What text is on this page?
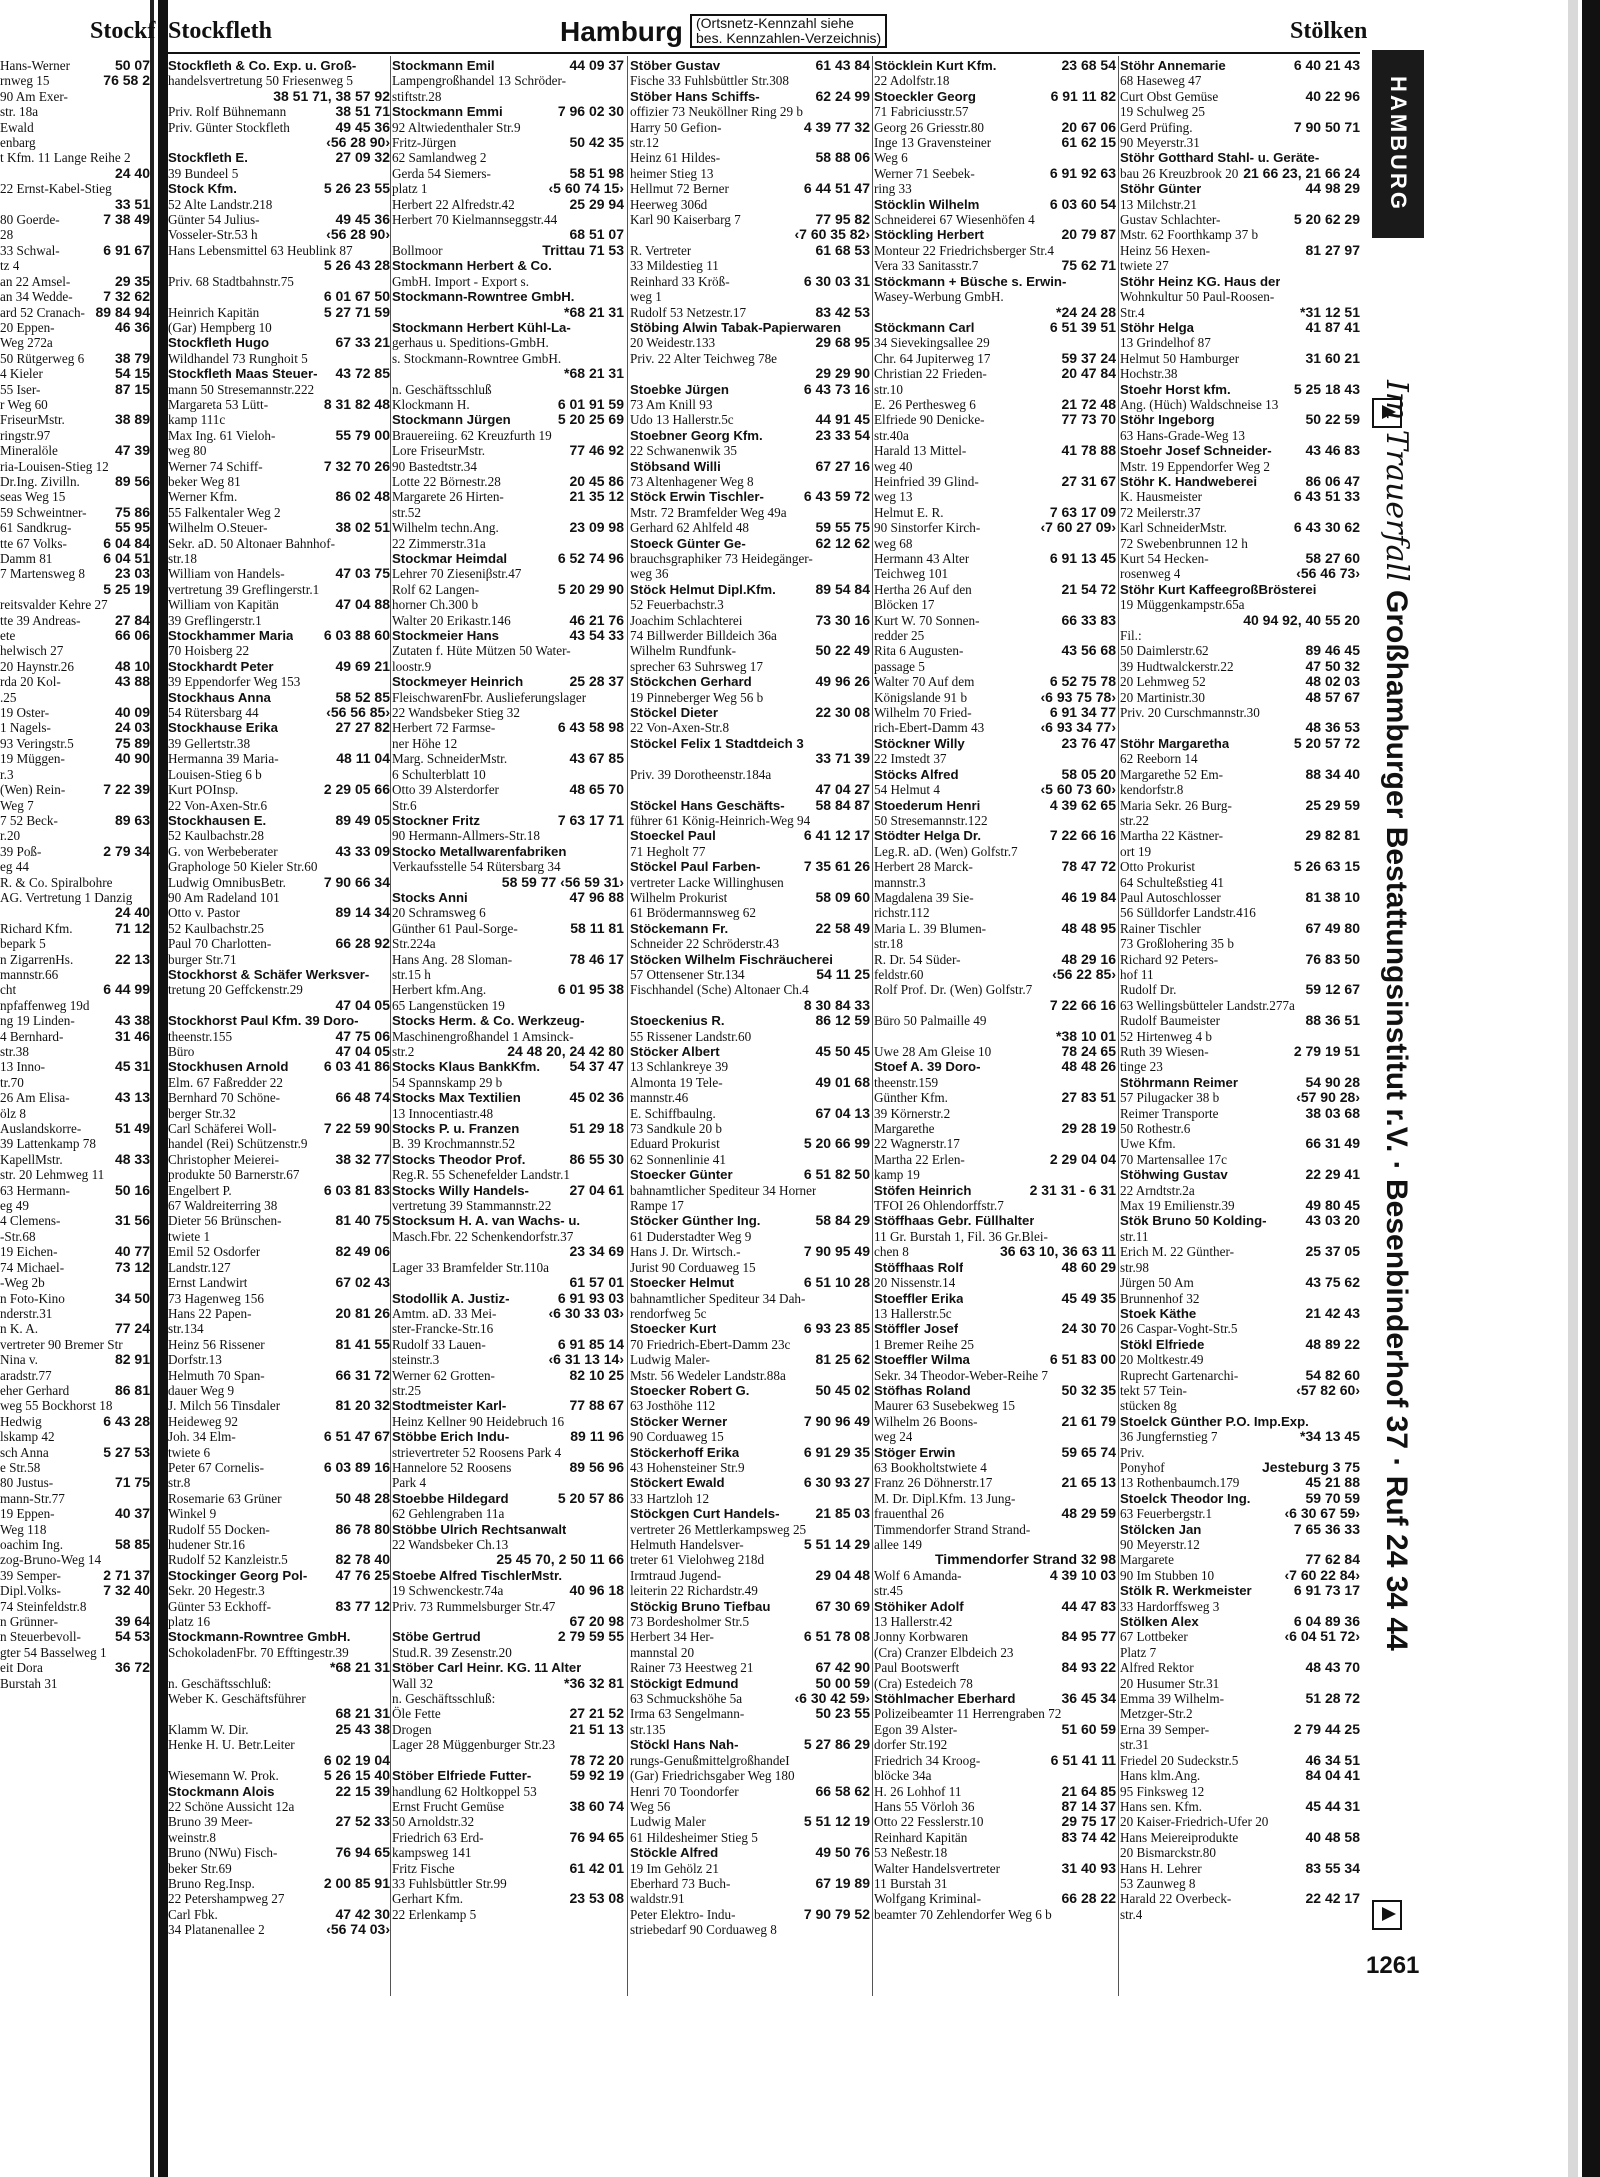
Stockf Stockfleth	Hamburg (Ortsnetz-Kennzahl siehe
bes. Kennzahlen-Verzeichnis)	Stölken
Hans-Werner	50 07
rnweg 15	76 58 2
90 Am Exer-
str. 18a
Ewald
enbarg
t Kfm. 11 Lange Reihe 2
24 40
22 Ernst-Kabel-Stieg
33 51
80 Goerde-	7 38 49
28
33 Schwal-	6 91 67
tz 4
an 22 Amsel-	29 35
an 34 Wedde- 7 32 62
ard 52 Cranach- 89 84 94
20 Eppen-	46 36
Weg 272a
50 Rütgerweg 6 38 79
4 Kieler	54 15
55 Iser-	87 15
r Weg 60
FriseurMstr.	38 89
ringstr.97
Mineralöle	47 39
ria-Louisen-Stieg 12
Dr.Ing. Zivilln.	89 56
seas Weg 15
59 Schweintner- 75 86
61 Sandkrug-	55 95
tte 67 Volks-	6 04 84
Damm 81	6 04 51
7 Martensweg 8 23 03
5 25 19
reitsvalder Kehre 27
tte 39 Andreas- 27 84
ete	66 06
helwisch 27
20 Haynstr.26	48 10
rda 20 Kol-	43 88
.25
19 Oster-	40 09
1 Nagels-	24 03
93 Veringstr.5	75 89
19 Müggen-	40 90
r.3
(Wen) Rein-	7 22 39
Weg 7
7 52 Beck-	89 63
r.20
39 Poß-	2 79 34
eg 44
R. & Co. Spiralbohre
AG. Vertretung 1 Danzig
24 40
Richard Kfm.	71 12
bepark 5
n ZigarrenHs.	22 13
mannstr.66
cht	6 44 99
npfaffenweg 19d
ng 19 Linden-	43 38
4 Bernhard-	31 46
str.38
13 Inno-	45 31
tr.70
26 Am Elisa-	43 13
ölz 8
Auslandskorre- 51 49
39 Lattenkamp 78
KapellMstr.	48 33
str. 20 Lehmweg 11
63 Hermann-	50 16
eg 49
4 Clemens-	31 56
-Str.68
19 Eichen-	40 77
74 Michael-	73 12
-Weg 2b
n Foto-Kino	34 50
nderstr.31
n K. A.	77 24
vertreter 90 Bremer Str
Nina v.	82 91
aradstr.77
eher Gerhard	86 81
weg 55 Bockhorst 18
Hedwig	6 43 28
lskamp 42
sch Anna	5 27 53
e Str.58
80 Justus-	71 75
mann-Str.77
19 Eppen-	40 37
Weg 118
oachim Ing.	58 85
zog-Bruno-Weg 14
39 Semper-	2 71 37
Dipl.Volks-	7 32 40
74 Steinfeldstr.8
n Grünner-	39 64
n Steuerbevoll- 54 53
gter 54 Basselweg 1
eit Dora	36 72
Burstah 31
Stockfleth & Co. Exp. u. Groß-
handelsvertretung 50 Friesenweg 5
38 51 71, 38 57 92
Priv. Rolf Bühnemann	38 51 71
Priv. Günter Stockfleth	49 45 36
‹56 28 90›
Stockfleth E.	27 09 32
39 Bundeel 5
Stock Kfm.	5 26 23 55
52 Alte Landstr.218
Günter 54 Julius-	49 45 36
Vosseler-Str.53 h	‹56 28 90›
Hans Lebensmittel 63 Heublink 87
5 26 43 28
Priv. 68 Stadtbahnstr.75
6 01 67 50
Heinrich Kapitän	5 27 71 59
(Gar) Hempberg 10
Stockfleth Hugo	67 33 21
Wildhandel 73 Runghoit 5
Stockfleth Maas Steuer- 43 72 85
mann 50 Stresemannstr.222
Margareta 53 Lütt-	8 31 82 48
kamp 111c
Max Ing. 61 Vieloh-	55 79 00
weg 80
Werner 74 Schiff-	7 32 70 26
beker Weg 81
Werner Kfm.	86 02 48
55 Falkentaler Weg 2
Wilhelm O.Steuer-	38 02 51
Sekr. aD. 50 Altonaer Bahnhof-
str.18
William von Handels-	47 03 75
vertretung 39 Greflingerstr.1
William von Kapitän	47 04 88
39 Greflingerstr.1
Stockhammer Maria 6 03 88 60
70 Hoisberg 22
Stockhardt Peter	49 69 21
39 Eppendorfer Weg 153
Stockhaus Anna	58 52 85
54 Rütersbarg 44	‹56 56 85›
Stockhause Erika	27 27 82
39 Gellertstr.38
Hermanna 39 Maria-	48 11 04
Louisen-Stieg 6 b
Kurt POInsp.	2 29 05 66
22 Von-Axen-Str.6
Stockhausen E.	89 49 05
52 Kaulbachstr.28
G. von Werbeberater	43 33 09
Graphologe 50 Kieler Str.60
Ludwig OmnibusBetr.	7 90 66 34
90 Am Radeland 101
Otto v. Pastor	89 14 34
52 Kaulbachstr.25
Paul 70 Charlotten-	66 28 92
burger Str.71
Stockhorst & Schäfer Werksver-
tretung 20 Geffckenstr.29
47 04 05
Stockhorst Paul Kfm. 39 Doro-
theenstr.155	47 75 06
Büro	47 04 05
Stockhusen Arnold	6 03 41 86
Elm. 67 Faßredder 22
Bernhard 70 Schöne-	66 48 74
berger Str.32
Carl Schäferei Woll-	7 22 59 90
handel (Rei) Schützenstr.9
Christopher Meierei-	38 32 77
produkte 50 Barnerstr.67
Engelbert P.	6 03 81 83
67 Waldreiterring 38
Dieter 56 Brünschen-	81 40 75
twiete 1
Emil 52 Osdorfer	82 49 06
Landstr.127
Ernst Landwirt	67 02 43
73 Hagenweg 156
Hans 22 Papen-	20 81 26
str.134
Heinz 56 Rissener	81 41 55
Dorfstr.13
Helmuth 70 Span-	66 31 72
dauer Weg 9
J. Milch 56 Tinsdaler	81 20 32
Heideweg 92
Joh. 34 Elm-	6 51 47 67
twiete 6
Peter 67 Cornelis-	6 03 89 16
str.8
Rosemarie 63 Grüner	50 48 28
Winkel 9
Rudolf 55 Docken-	86 78 80
hudener Str.16
Rudolf 52 Kanzleistr.5	82 78 40
Stockinger Georg Pol- 47 76 25
Sekr. 20 Hegestr.3
Günter 53 Eckhoff-	83 77 12
platz 16
Stockmann-Rowntree GmbH.
SchokoladenFbr. 70 Efftingestr.39
*68 21 31
n. Geschäftsschluß:
Weber K. Geschäftsführer
68 21 31
Klamm W. Dir.	25 43 38
Henke H. U. Betr.Leiter
6 02 19 04
Wiesemann W. Prok.	5 26 15 40
Stockmann Alois	22 15 39
22 Schöne Aussicht 12a
Bruno 39 Meer-	27 52 33
weinstr.8
Bruno (NWu) Fisch-	76 94 65
beker Str.69
Bruno Reg.Insp.	2 00 85 91
22 Petershampweg 27
Carl Fbk.	47 42 30
34 Platanenallee 2	‹56 74 03›
Stockmann Emil	44 09 37
Lampengroßhandel 13 Schröder-
stiftstr.28
Stockmann Emmi	7 96 02 30
92 Altwiedenthaler Str.9
Fritz-Jürgen	50 42 35
62 Samlandweg 2
Gerda 54 Siemers-	58 51 98
platz 1	‹5 60 74 15›
Herbert 22 Alfredstr.42	25 29 94
Herbert 70 Kielmannseggstr.44
68 51 07
Bollmoor	Trittau 71 53
Stockmann Herbert & Co.
GmbH. Import - Export s.
Stockmann-Rowntree GmbH.
*68 21 31
Stockmann Herbert Kühl-La-
gerhaus u. Speditions-GmbH.
s. Stockmann-Rowntree GmbH.
*68 21 31
n. Geschäftsschluß
Klockmann H.	6 01 91 59
Stockmann Jürgen	5 20 25 69
Brauereiing. 62 Kreuzfurth 19
Lore FriseurMstr.	77 46 92
90 Bastedtstr.34
Lotte 22 Börnestr.28	20 45 86
Margarete 26 Hirten-	21 35 12
str.52
Wilhelm techn.Ang.	23 09 98
22 Zimmerstr.31a
Stockmar Heimdal	6 52 74 96
Lehrer 70 Zieseniβstr.47
Rolf 62 Langen-	5 20 29 90
horner Ch.300 b
Walter 20 Erikastr.146	46 21 76
Stockmeier Hans	43 54 33
Zutaten f. Hüte Mützen 50 Water-
loostr.9
Stockmeyer Heinrich	25 28 37
FleischwarenFbr. Auslieferungslager
22 Wandsbeker Stieg 32
Herbert 72 Farmse-	6 43 58 98
ner Höhe 12
Marg. SchneiderMstr.	43 67 85
6 Schulterblatt 10
Otto 39 Alsterdorfer	48 65 70
Str.6
Stockner Fritz	7 63 17 71
90 Hermann-Allmers-Str.18
Stocko Metallwarenfabriken
Verkaufsstelle 54 Rütersbarg 34
58 59 77 ‹56 59 31›
Stocks Anni	47 96 88
20 Schramsweg 6
Günther 61 Paul-Sorge-	58 11 81
Str.224a
Hans Ang. 28 Sloman-	78 46 17
str.15 h
Herbert kfm.Ang.	6 01 95 38
65 Langenstücken 19
Stocks Herm. & Co. Werkzeug-
Maschinengroßhandel 1 Amsinck-
str.2	24 48 20, 24 42 80
Stocks Klaus BankKfm. 54 37 47
54 Spannskamp 29 b
Stocks Max Textilien	45 02 36
13 Innocentiastr.48
Stocks P. u. Franzen	51 29 18
B. 39 Krochmannstr.52
Stocks Theodor Prof.	86 55 30
Reg.R. 55 Schenefelder Landstr.1
Stocks Willy Handels-	27 04 61
vertretung 39 Stammannstr.22
Stocksum H. A. van Wachs- u.
Masch.Fbr. 22 Schenkendorfstr.37
23 34 69
Lager 33 Bramfelder Str.110a
61 57 01
Stodollik A. Justiz-	6 91 93 03
Amtm. aD. 33 Mei-	‹6 30 33 03›
ster-Francke-Str.16
Rudolf 33 Lauen-	6 91 85 14
steinstr.3	‹6 31 13 14›
Werner 62 Grotten-	82 10 25
str.25
Stodtmeister Karl-	77 88 67
Heinz Kellner 90 Heidebruch 16
Stöbbe Erich Indu-	89 11 96
strievertreter 52 Roosens Park 4
Hannelore 52 Roosens	89 56 96
Park 4
Stoebbe Hildegard	5 20 57 86
62 Gehlengraben 11a
Stöbbe Ulrich Rechtsanwalt
22 Wandsbeker Ch.13
25 45 70, 2 50 11 66
Stoebe Alfred TischlerMstr.
19 Schwenckestr.74a	40 96 18
Priv. 73 Rummelsburger Str.47
67 20 98
Stöbe Gertrud	2 79 59 55
Stud.R. 39 Zesenstr.20
Stöber Carl Heinr. KG. 11 Alter
Wall 32	*36 32 81
n. Geschäftsschluß:
Öle Fette	27 21 52
Drogen	21 51 13
Lager 28 Müggenburger Str.23
78 72 20
Stöber Elfriede Futter-	59 92 19
handlung 62 Holtkoppel 53
Ernst Frucht Gemüse	38 60 74
50 Arnoldstr.32
Friedrich 63 Erd-	76 94 65
kampsweg 141
Fritz Fische	61 42 01
33 Fuhlsbüttler Str.99
Gerhart Kfm.	23 53 08
22 Erlenkamp 5
Stöber Gustav	61 43 84
Fische 33 Fuhlsbüttler Str.308
Stöber Hans Schiffs-	62 24 99
offizier 73 Neuköllner Ring 29 b
Harry 50 Gefion-	4 39 77 32
str.12
Heinz 61 Hildes-	58 88 06
heimer Stieg 13
Hellmut 72 Berner	6 44 51 47
Heerweg 306d
Karl 90 Kaiserbarg 7	77 95 82
‹7 60 35 82›
R. Vertreter	61 68 53
33 Mildestieg 11
Reinhard 33 Kröß-	6 30 03 31
weg 1
Rudolf 53 Netzestr.17	83 42 53
Stöbing Alwin Tabak-Papierwaren
20 Weidestr.133	29 68 95
Priv. 22 Alter Teichweg 78e
29 29 90
Stoebke Jürgen	6 43 73 16
73 Am Knill 93
Udo 13 Hallerstr.5c	44 91 45
Stoebner Georg Kfm.	23 33 54
22 Schwanenwik 35
Stöbsand Willi	67 27 16
73 Altenhagener Weg 8
Stöck Erwin Tischler-	6 43 59 72
Mstr. 72 Bramfelder Weg 49a
Gerhard 62 Ahlfeld 48	59 55 75
Stoeck Günter Ge-	62 12 62
brauchsgraphiker 73 Heidegänger-
weg 36
Stöck Helmut Dipl.Kfm.	89 54 84
52 Feuerbachstr.3
Joachim Schlachterei	73 30 16
74 Billwerder Billdeich 36a
Wilhelm Rundfunk-	50 22 49
sprecher 63 Suhrsweg 17
Stöckchen Gerhard	49 96 26
19 Pinneberger Weg 56 b
Stöckel Dieter	22 30 08
22 Von-Axen-Str.8
Stöckel Felix 1 Stadtdeich 3
33 71 39
Priv. 39 Dorotheenstr.184a
47 04 27
Stöckel Hans Geschäfts- 58 84 87
führer 61 König-Heinrich-Weg 94
Stoeckel Paul	6 41 12 17
71 Hegholt 77
Stöckel Paul Farben-	7 35 61 26
vertreter Lacke Willinghusen
Wilhelm Prokurist	58 09 60
61 Brödermannsweg 62
Stöckemann Fr.	22 58 49
Schneider 22 Schröderstr.43
Stöcken Wilhelm Fischräucherei
57 Ottensener Str.134	54 11 25
Fischhandel (Sche) Altonaer Ch.4
8 30 84 33
Stoeckenius R.	86 12 59
55 Rissener Landstr.60
Stöcker Albert	45 50 45
13 Schlankreye 39
Almonta 19 Tele-	49 01 68
mannstr.46
E. Schiffbaulng.	67 04 13
73 Sandkule 20 b
Eduard Prokurist	5 20 66 99
62 Sonnenlinie 41
Stoecker Günter	6 51 82 50
bahnamtlicher Spediteur 34 Horner
Rampe 17
Stöcker Günther Ing.	58 84 29
61 Duderstadter Weg 9
Hans J. Dr. Wirtsch.-	7 90 95 49
Jurist 90 Corduaweg 15
Stoecker Helmut	6 51 10 28
bahnamtlicher Spediteur 34 Dah-
rendorfweg 5c
Stoecker Kurt	6 93 23 85
70 Friedrich-Ebert-Damm 23c
Ludwig Maler-	81 25 62
Mstr. 56 Wedeler Landstr.88a
Stoecker Robert G.	50 45 02
63 Josthöhe 112
Stöcker Werner	7 90 96 49
90 Corduaweg 15
Stöckerhoff Erika	6 91 29 35
43 Hohensteiner Str.9
Stöckert Ewald	6 30 93 27
33 Hartzloh 12
Stöckgen Curt Handels-	21 85 03
vertreter 26 Mettlerkampsweg 25
Helmuth Handelsver-	5 51 14 29
treter 61 Vielohweg 218d
Irmtraud Jugend-	29 04 48
leiterin 22 Richardstr.49
Stöckig Bruno Tiefbau	67 30 69
73 Bordesholmer Str.5
Herbert 34 Her-	6 51 78 08
mannstal 20
Rainer 73 Heestweg 21	67 42 90
Stöckigt Edmund	50 00 59
63 Schmuckshöhe 5a	‹6 30 42 59›
Irma 63 Sengelmann-	50 23 55
str.135
Stöckl Hans Nah-	5 27 86 29
rungs-GenußmittelgroßhandeI
(Gar) Friedrichsgaber Weg 180
Henri 70 Toondorfer	66 58 62
Weg 56
Ludwig Maler	5 51 12 19
61 Hildesheimer Stieg 5
Stöckle Alfred	49 50 76
19 Im Gehölz 21
Eberhard 73 Buch-	67 19 89
waldstr.91
Peter Elektro- Indu-	7 90 79 52
striebedarf 90 Corduaweg 8
Stöcklein Kurt Kfm.	23 68 54
22 Adolfstr.18
Stoeckler Georg	6 91 11 82
71 Fabriciusstr.57
Georg 26 Griesstr.80	20 67 06
Inge 13 Gravensteiner	61 62 15
Weg 6
Werner 71 Seebek-	6 91 92 63
ring 33
Stöcklin Wilhelm	6 03 60 54
Schneiderei 67 Wiesenhöfen 4
Stöckling Herbert	20 79 87
Monteur 22 Friedrichsberger Str.4
Vera 33 Sanitasstr.7	75 62 71
Stöckmann + Büsche s. Erwin-
Wasey-Werbung GmbH.
*24 24 28
Stöckmann Carl	6 51 39 51
34 Sievekingsallee 29
Chr. 64 Jupiterweg 17	59 37 24
Christian 22 Frieden-	20 47 84
str.10
E. 26 Perthesweg 6	21 72 48
Elfriede 90 Denicke-	77 73 70
str.40a
Harald 13 Mittel-	41 78 88
weg 40
Heinfried 39 Glind-	27 31 67
weg 13
Helmut E. R.	7 63 17 09
90 Sinstorfer Kirch-	‹7 60 27 09›
weg 68
Hermann 43 Alter	6 91 13 45
Teichweg 101
Hertha 26 Auf den	21 54 72
Blöcken 17
Kurt W. 70 Sonnen-	66 33 83
redder 25
Rita 6 Augusten-	43 56 68
passage 5
Walter 70 Auf dem	6 52 75 78
Königslande 91 b	‹6 93 75 78›
Wilhelm 70 Fried-	6 91 34 77
rich-Ebert-Damm 43	‹6 93 34 77›
Stöckner Willy	23 76 47
22 Imstedt 37
Stöcks Alfred	58 05 20
54 Helmut 4	‹5 60 73 60›
Stoederum Henri	4 39 62 65
50 Stresemannstr.122
Stödter Helga Dr.	7 22 66 16
Leg.R. aD. (Wen) Golfstr.7
Herbert 28 Marck-	78 47 72
mannstr.3
Magdalena 39 Sie-	46 19 84
richstr.112
Maria L. 39 Blumen-	48 48 95
str.18
R. Dr. 54 Süder-	48 29 16
feldstr.60	‹56 22 85›
Rolf Prof. Dr. (Wen) Golfstr.7
7 22 66 16
Büro 50 Palmaille 49
*38 10 01
Uwe 28 Am Gleise 10	78 24 65
Stoef A. 39 Doro-	48 48 26
theenstr.159
Günther Kfm.	27 83 51
39 Körnerstr.2
Margarethe	29 28 19
22 Wagnerstr.17
Martha 22 Erlen-	2 29 04 04
kamp 19
Stöfen Heinrich	2 31 31 - 6 31
TFOI 26 Ohlendorffstr.7
Stöffhaas Gebr. Füllhalter
11 Gr. Burstah 1, Fil. 36 Gr.Blei-
chen 8	36 63 10, 36 63 11
Stöffhaas Rolf	48 60 29
20 Nissenstr.14
Stoeffler Erika	45 49 35
13 Hallerstr.5c
Stöffler Josef	24 30 70
1 Bremer Reihe 25
Stoeffler Wilma	6 51 83 00
Sekr. 34 Theodor-Weber-Reihe 7
Stöfhas Roland	50 32 35
Maurer 63 Susebekweg 15
Wilhelm 26 Boons-	21 61 79
weg 24
Stöger Erwin	59 65 74
63 Bookholtstwiete 4
Franz 26 Döhnerstr.17	21 65 13
M. Dr. Dipl.Kfm. 13 Jung-
frauenthal 26	48 29 59
Timmendorfer Strand Strand-
allee 149
Timmendorfer Strand 32 98
Wolf 6 Amanda-	4 39 10 03
str.45
Stöhiker Adolf	44 47 83
13 Hallerstr.42
Jonny Korbwaren	84 95 77
(Cra) Cranzer Elbdeich 23
Paul Bootswerft	84 93 22
(Cra) Estedeich 78
Stöhlmacher Eberhard	36 45 34
Polizeibeamter 11 Herrengraben 72
Egon 39 Alster-	51 60 59
dorfer Str.192
Friedrich 34 Kroog-	6 51 41 11
blöcke 34a
H. 26 Lohhof 11	21 64 85
Hans 55 Vörloh 36	87 14 37
Otto 22 Fesslerstr.10	29 75 17
Reinhard Kapitän	83 74 42
53 Neßestr.18
Walter Handelsvertreter	31 40 93
11 Burstah 31
Wolfgang Kriminal-	66 28 22
beamter 70 Zehlendorfer Weg 6 b
Stöhr Annemarie	6 40 21 43
68 Haseweg 47
Curt Obst Gemüse	40 22 96
19 Schulweg 25
Gerd Prüfing.	7 90 50 71
90 Meyerstr.31
Stöhr Gotthard Stahl- u. Geräte-
bau 26 Kreuzbrook 20 21 66 23, 21 66 24
Stöhr Günter	44 98 29
13 Milchstr.21
Gustav Schlachter-	5 20 62 29
Mstr. 62 Foorthkamp 37 b
Heinz 56 Hexen-	81 27 97
twiete 27
Stöhr Heinz KG. Haus der
Wohnkultur 50 Paul-Roosen-
Str.4	*31 12 51
Stöhr Helga	41 87 41
13 Grindelhof 87
Helmut 50 Hamburger	31 60 21
Hochstr.38
Stoehr Horst kfm.	5 25 18 43
Ang. (Hüch) Waldschneise 13
Stöhr Ingeborg	50 22 59
63 Hans-Grade-Weg 13
Stoehr Josef Schneider- 43 46 83
Mstr. 19 Eppendorfer Weg 2
Stöhr K. Handweberei	86 06 47
K. Hausmeister	6 43 51 33
72 Meilerstr.37
Karl SchneiderMstr.	6 43 30 62
72 Swebenbrunnen 12 h
Kurt 54 Hecken-	58 27 60
rosenweg 4	‹56 46 73›
Stöhr Kurt KaffeegroßBrösterei
19 Müggenkampstr.65a
40 94 92, 40 55 20
Fil.:
50 Daimlerstr.62	89 46 45
39 Hudtwalckerstr.22	47 50 32
20 Lehmweg 52	48 02 03
20 Martinistr.30	48 57 67
Priv. 20 Curschmannstr.30
48 36 53
Stöhr Margaretha	5 20 57 72
62 Reeborn 14
Margarethe 52 Em-	88 34 40
kendorfstr.8
Maria Sekr. 26 Burg-	25 29 59
str.22
Martha 22 Kästner-	29 82 81
ort 19
Otto Prokurist	5 26 63 15
64 Schulteßstieg 41
Paul Autoschlosser	81 38 10
56 Sülldorfer Landstr.416
Rainer Tischler	67 49 80
73 Großlohering 35 b
Richard 92 Peters-	76 83 50
hof 11
Rudolf Dr.	59 12 67
63 Wellingsbütteler Landstr.277a
Rudolf Baumeister	88 36 51
52 Hirtenweg 4 b
Ruth 39 Wiesen-	2 79 19 51
tinge 23
Stöhrmann Reimer	54 90 28
57 Pilugacker 38 b	‹57 90 28›
Reimer Transporte	38 03 68
50 Rothestr.6
Uwe Kfm.	66 31 49
70 Martensallee 17c
Stöhwing Gustav	22 29 41
22 Arndtstr.2a
Max 19 Emilienstr.39	49 80 45
Stök Bruno 50 Kolding-	43 03 20
str.11
Erich M. 22 Günther-	25 37 05
str.98
Jürgen 50 Am	43 75 62
Brunnenhof 32
Stoek Käthe	21 42 43
26 Caspar-Voght-Str.5
Stökl Elfriede	48 89 22
20 Moltkestr.49
Ruprecht Gartenarchi-	54 82 60
tekt 57 Tein-	‹57 82 60›
stücken 8g
Stoelck Günther P.O. Imp.Exp.
36 Jungfernstieg 7	*34 13 45
Priv.
Ponyhof	Jesteburg 3 75
13 Rothenbaumch.179	45 21 88
Stoelck Theodor Ing.	59 70 59
63 Feuerbergstr.1	‹6 30 67 59›
Stölcken Jan	7 65 36 33
90 Meyerstr.12
Margarete	77 62 84
90 Im Stubben 10	‹7 60 22 84›
Stölk R. Werkmeister	6 91 73 17
33 Hardorffsweg 3
Stölken Alex	6 04 89 36
67 Lottbeker	‹6 04 51 72›
Platz 7
Alfred Rektor	48 43 70
20 Husumer Str.31
Emma 39 Wilhelm-	51 28 72
Metzger-Str.2
Erna 39 Semper-	2 79 44 25
str.31
Friedel 20 Sudeckstr.5	46 34 51
Hans klm.Ang.	84 04 41
95 Finksweg 12
Hans sen. Kfm.	45 44 31
20 Kaiser-Friedrich-Ufer 20
Hans Meiereiprodukte	40 48 58
20 Bismarckstr.80
Hans H. Lehrer	83 55 34
53 Zaunweg 8
Harald 22 Overbeck-	22 42 17
str.4
HAMBURG
Im Trauerfall Großhamburger Bestattungsinstitut r.V. · Besenbinderhof 37 · Ruf 24 34 44
1261
